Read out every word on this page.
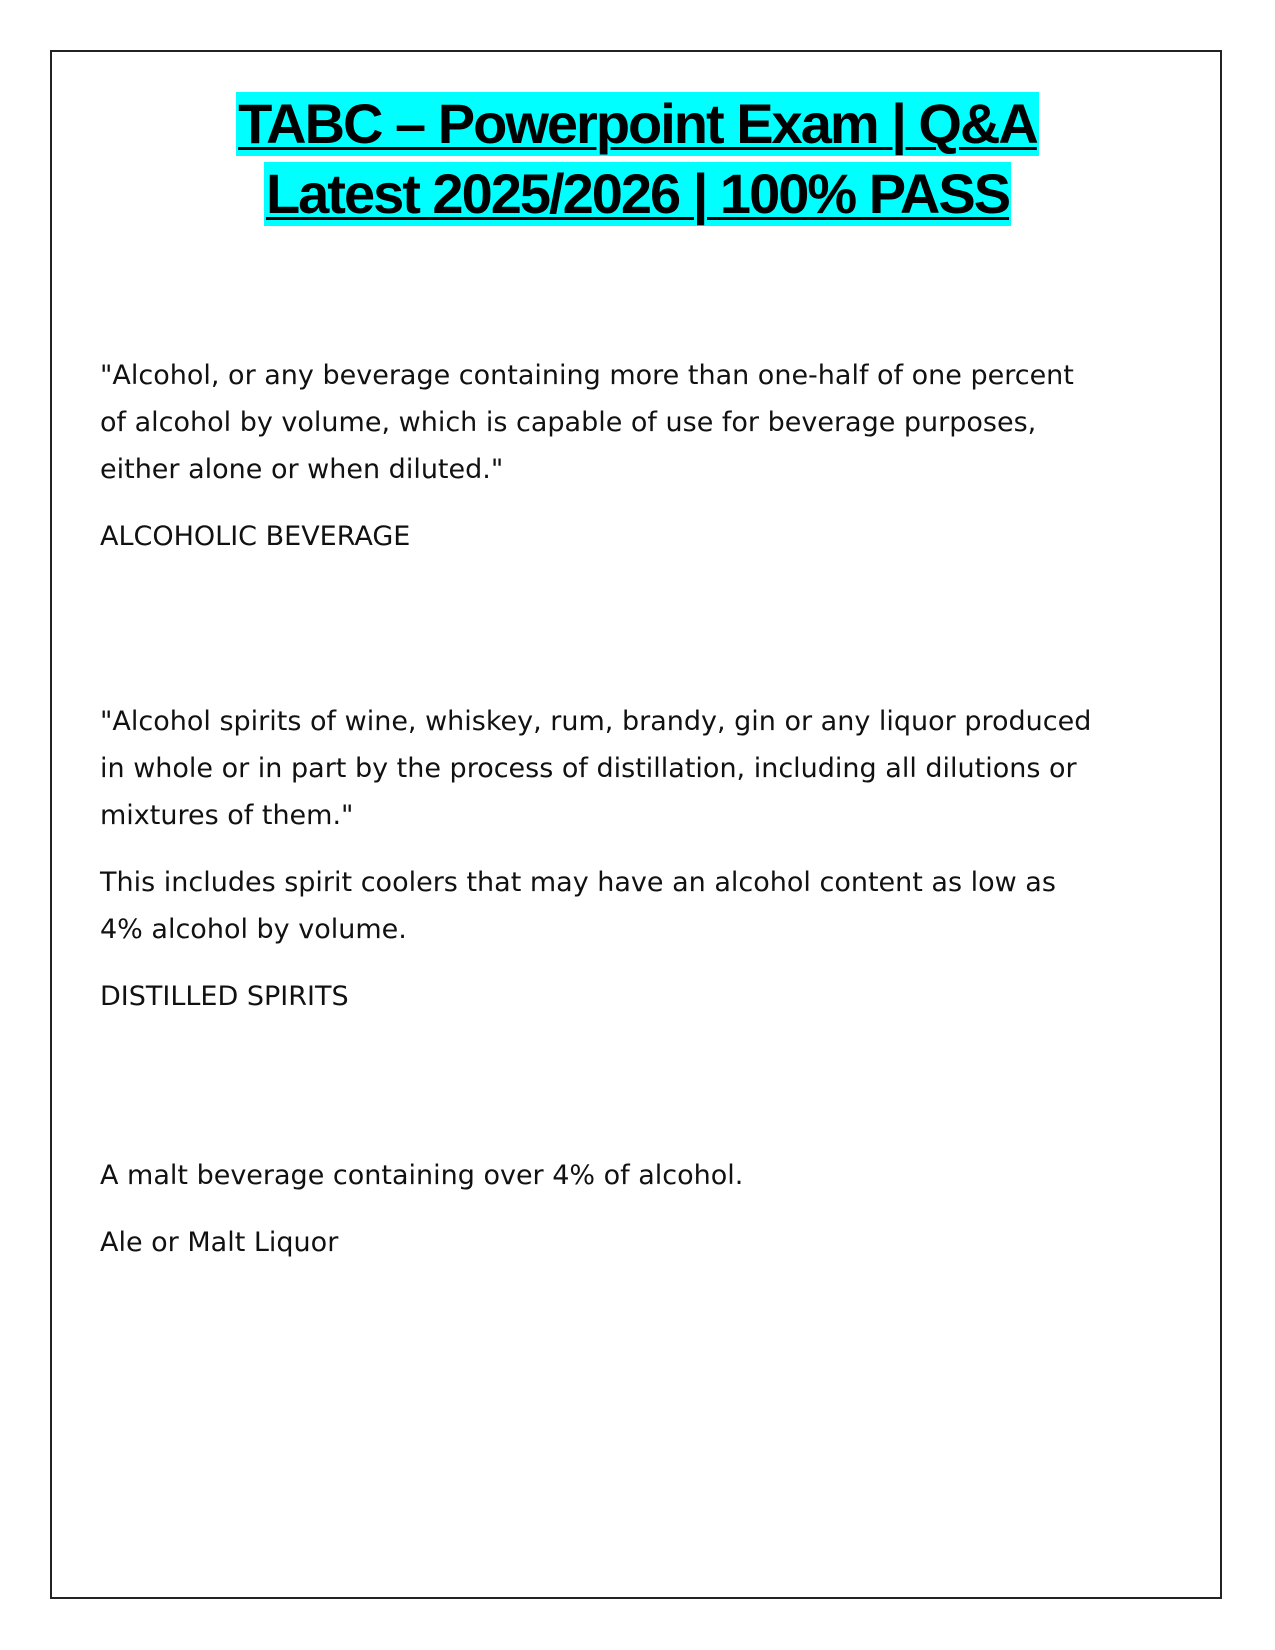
TABC – Powerpoint Exam | Q&A
Latest 2025/2026 | 100% PASS

"Alcohol, or any beverage containing more than one-half of one percent of alcohol by volume, which is capable of use for beverage purposes, either alone or when diluted."

ALCOHOLIC BEVERAGE

"Alcohol spirits of wine, whiskey, rum, brandy, gin or any liquor produced in whole or in part by the process of distillation, including all dilutions or mixtures of them."

This includes spirit coolers that may have an alcohol content as low as 4% alcohol by volume.

DISTILLED SPIRITS

A malt beverage containing over 4% of alcohol.

Ale or Malt Liquor
